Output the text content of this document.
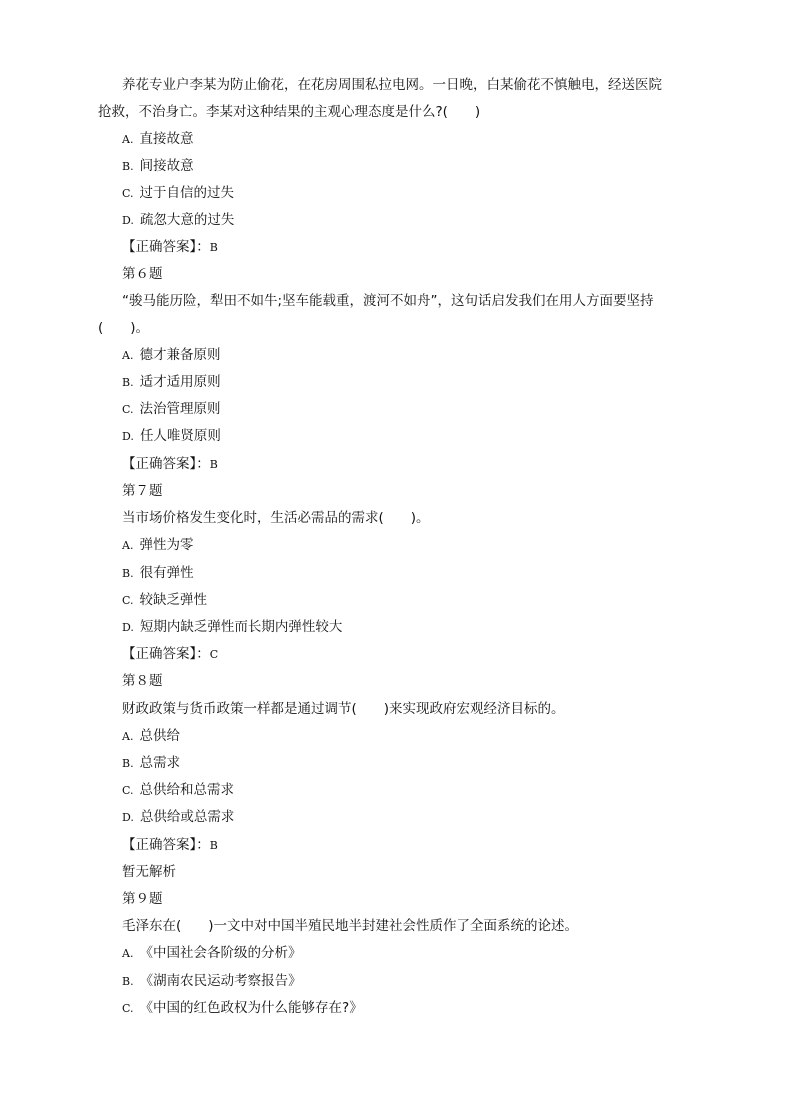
养花专业户李某为防止偷花，在花房周围私拉电网。一日晚，白某偷花不慎触电，经送医院
抢救，不治身亡。李某对这种结果的主观心理态度是什么?(　　)
A. 直接故意
B. 间接故意
C. 过于自信的过失
D. 疏忽大意的过失
【正确答案】：B
第６题
“骏马能历险，犁田不如牛;坚车能载重，渡河不如舟”，这句话启发我们在用人方面要坚持
(　　)。
A. 德才兼备原则
B. 适才适用原则
C. 法治管理原则
D. 任人唯贤原则
【正确答案】：B
第７题
当市场价格发生变化时，生活必需品的需求(　　)。
A. 弹性为零
B. 很有弹性
C. 较缺乏弹性
D. 短期内缺乏弹性而长期内弹性较大
【正确答案】：C
第８题
财政政策与货币政策一样都是通过调节(　　)来实现政府宏观经济目标的。
A. 总供给
B. 总需求
C. 总供给和总需求
D. 总供给或总需求
【正确答案】：B
暂无解析
第９题
毛泽东在(　　)一文中对中国半殖民地半封建社会性质作了全面系统的论述。
A. 《中国社会各阶级的分析》
B. 《湖南农民运动考察报告》
C. 《中国的红色政权为什么能够存在?》
